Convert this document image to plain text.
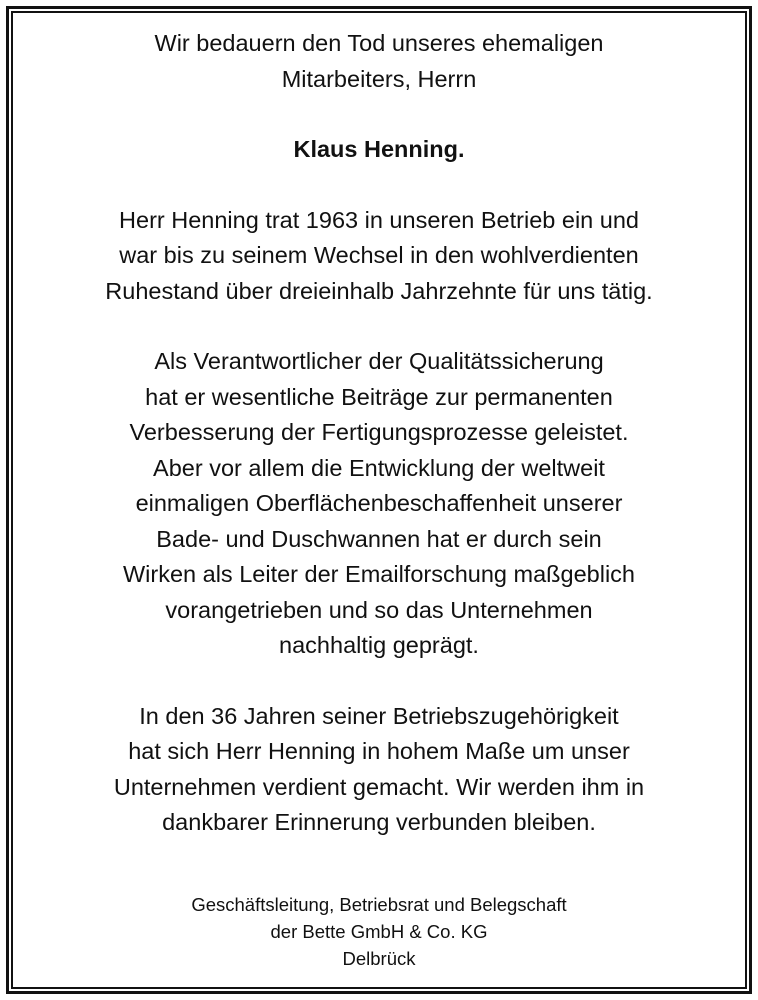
Wir bedauern den Tod unseres ehemaligen
Mitarbeiters, Herrn
Klaus Henning.
Herr Henning trat 1963 in unseren Betrieb ein und
war bis zu seinem Wechsel in den wohlverdienten
Ruhestand über dreieinhalb Jahrzehnte für uns tätig.
Als Verantwortlicher der Qualitätssicherung
hat er wesentliche Beiträge zur permanenten
Verbesserung der Fertigungsprozesse geleistet.
Aber vor allem die Entwicklung der weltweit
einmaligen Oberflächenbeschaffenheit unserer
Bade- und Duschwannen hat er durch sein
Wirken als Leiter der Emailforschung maßgeblich
vorangetrieben und so das Unternehmen
nachhaltig geprägt.
In den 36 Jahren seiner Betriebszugehörigkeit
hat sich Herr Henning in hohem Maße um unser
Unternehmen verdient gemacht. Wir werden ihm in
dankbarer Erinnerung verbunden bleiben.
Geschäftsleitung, Betriebsrat und Belegschaft
der Bette GmbH & Co. KG
Delbrück
